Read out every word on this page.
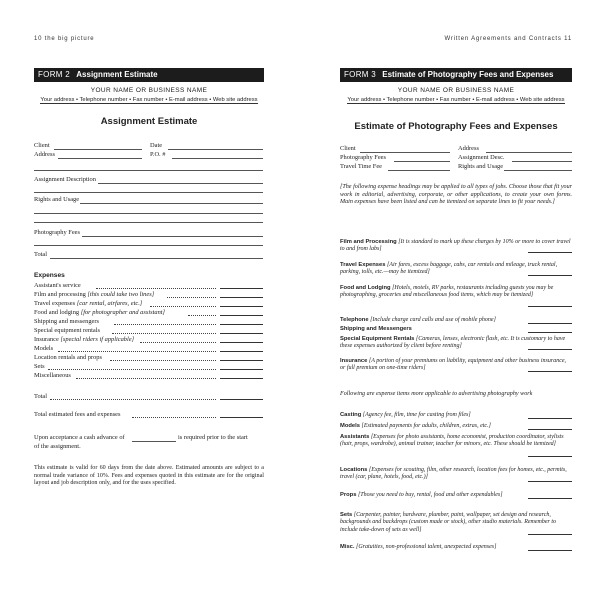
10 the big picture
FORM 2 Assignment Estimate
YOUR NAME OR BUSINESS NAME
Your address • Telephone number • Fax number • E-mail address • Web site address
Assignment Estimate
Client	Date
Address	P.O. #
Assignment Description
Rights and Usage
Photography Fees
Total
Expenses
Assistant's service
Film and processing [this could take two lines]
Travel expenses [car rental, airfares, etc.]
Food and lodging [for photographer and assistant]
Shipping and messengers
Special equipment rentals
Insurance [special riders if applicable]
Models
Location rentals and props
Sets
Miscellaneous
Total
Total estimated fees and expenses
Upon acceptance a cash advance of	is required prior to the start
of the assignment.
This estimate is valid for 60 days from the date above. Estimated amounts are subject to a normal trade variance of 10%. Fees and expenses quoted in this estimate are for the original layout and job description only, and for the uses specified.
Written Agreements and Contracts 11
FORM 3 Estimate of Photography Fees and Expenses
YOUR NAME OR BUSINESS NAME
Your address • Telephone number • Fax number • E-mail address • Web site address
Estimate of Photography Fees and Expenses
Client	Address
Photography Fees	Assignment Desc.
Travel Time Fee	Rights and Usage
[The following expense headings may be applied to all types of jobs. Choose those that fit your work in editorial, advertising, corporate, or other applications, to create your own forms. Main expenses have been listed and can be itemized on separate lines to fit your needs.]
Film and Processing [It is standard to mark up these charges by 10% or more to cover travel to and from labs]
Travel Expenses [Air fares, excess baggage, cabs, car rentals and mileage, truck rental, parking, tolls, etc.—may be itemized]
Food and Lodging [Hotels, motels, RV parks, restaurants including guests you may be photographing, groceries and miscellaneous food items, which may be itemized]
Telephone [Include charge card calls and use of mobile phone]
Shipping and Messengers
Special Equipment Rentals [Cameras, lenses, electronic flash, etc. It is customary to have these expenses authorized by client before renting]
Insurance [A portion of your premiums on liability, equipment and other business insurance, or full premium on one-time riders]
Following are expense items more applicable to advertising photography work
Casting [Agency fee, film, time for casting from files]
Models [Estimated payments for adults, children, extras, etc.]
Assistants [Expenses for photo assistants, home economist, production coordinator, stylists (hair, props, wardrobe), animal trainer, teacher for minors, etc. These should be itemized]
Locations [Expenses for scouting, film, other research, location fees for homes, etc., permits, travel (car, plane, hotels, food, etc.)]
Props [Those you need to buy, rental, food and other expendables]
Sets [Carpenter, painter, hardware, plumber, paint, wallpaper, set design and research, backgrounds and backdrops (custom made or stock), other studio materials. Remember to include take-down of sets as well]
Misc. [Gratuities, non-professional talent, unexpected expenses]
